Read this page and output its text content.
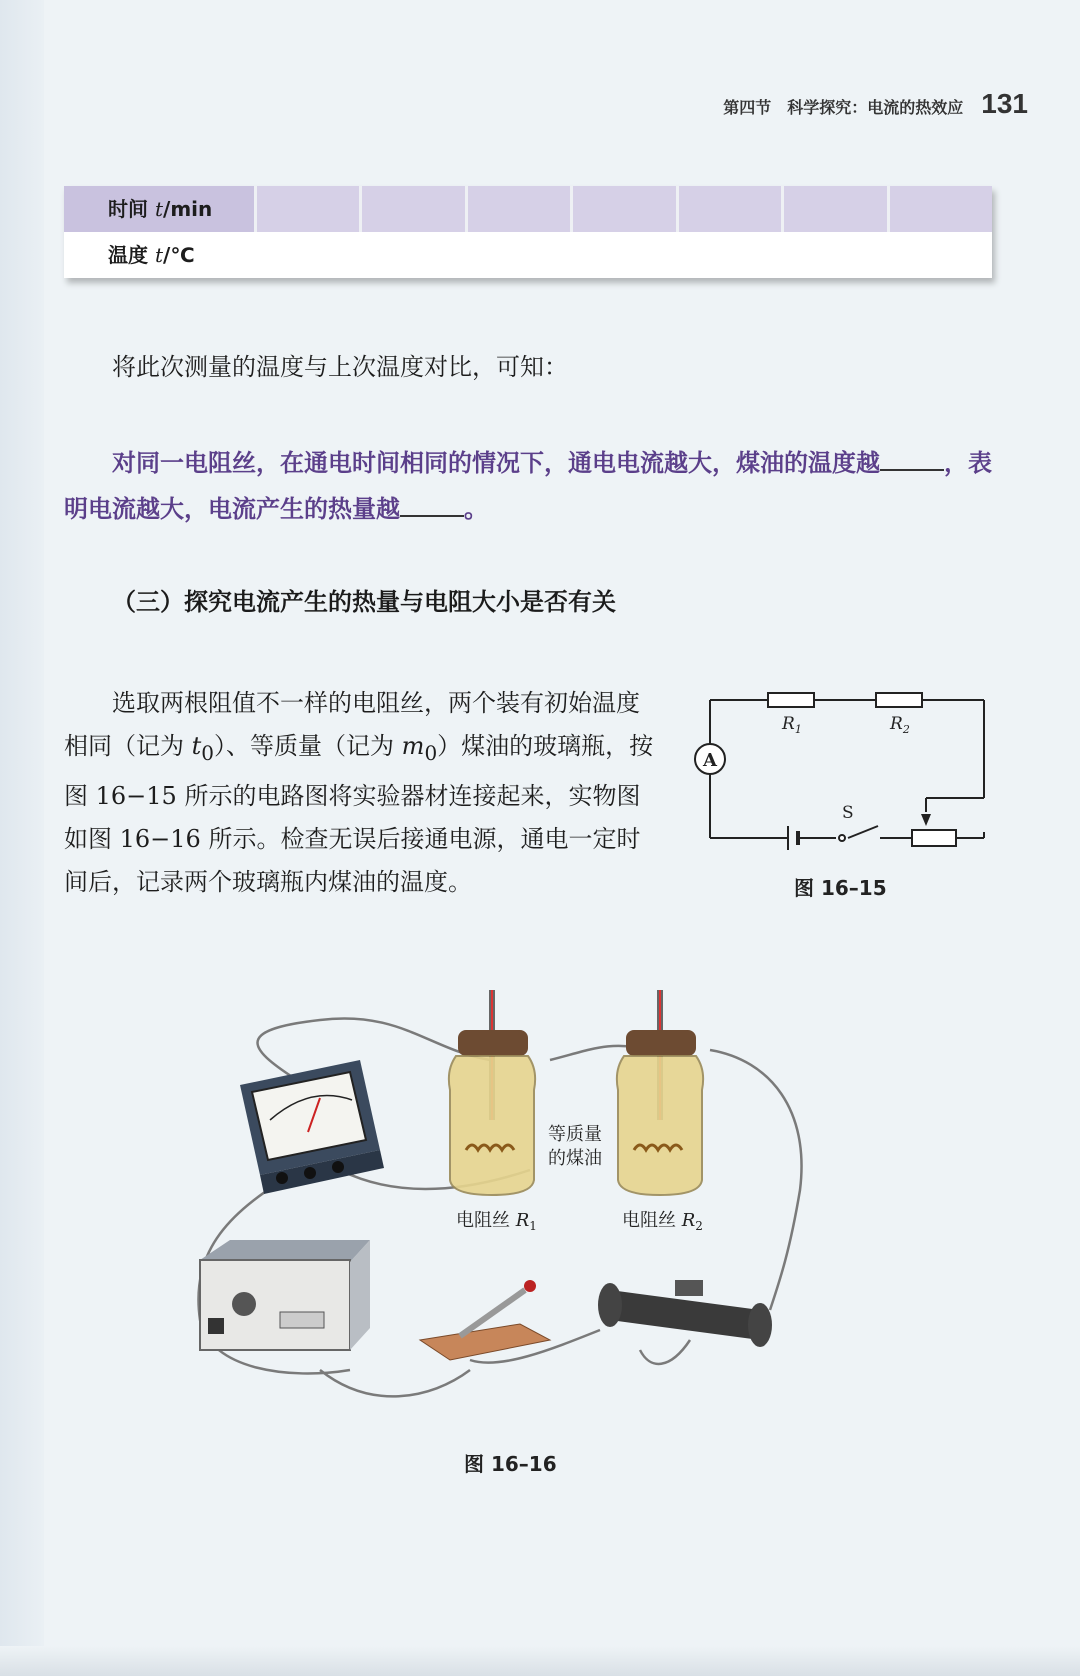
第四节　科学探究：电流的热效应 131
时间 t/min
温度 t/℃
将此次测量的温度与上次温度对比，可知：
对同一电阻丝，在通电时间相同的情况下，通电电流越大，煤油的温度越	，表明电流越大，电流产生的热量越	。
（三）探究电流产生的热量与电阻大小是否有关
选取两根阻值不一样的电阻丝，两个装有初始温度相同（记为 $t_0$）、等质量（记为 $m_0$）煤油的玻璃瓶，按图 16−15 所示的电路图将实验器材连接起来，实物图如图 16−16 所示。检查无误后接通电源，通电一定时间后，记录两个玻璃瓶内煤油的温度。
A
S
$R_1$	$R_2$
图 16–15
等质量
的煤油
电阻丝 $R_1$	电阻丝 $R_2$
图 16–16
